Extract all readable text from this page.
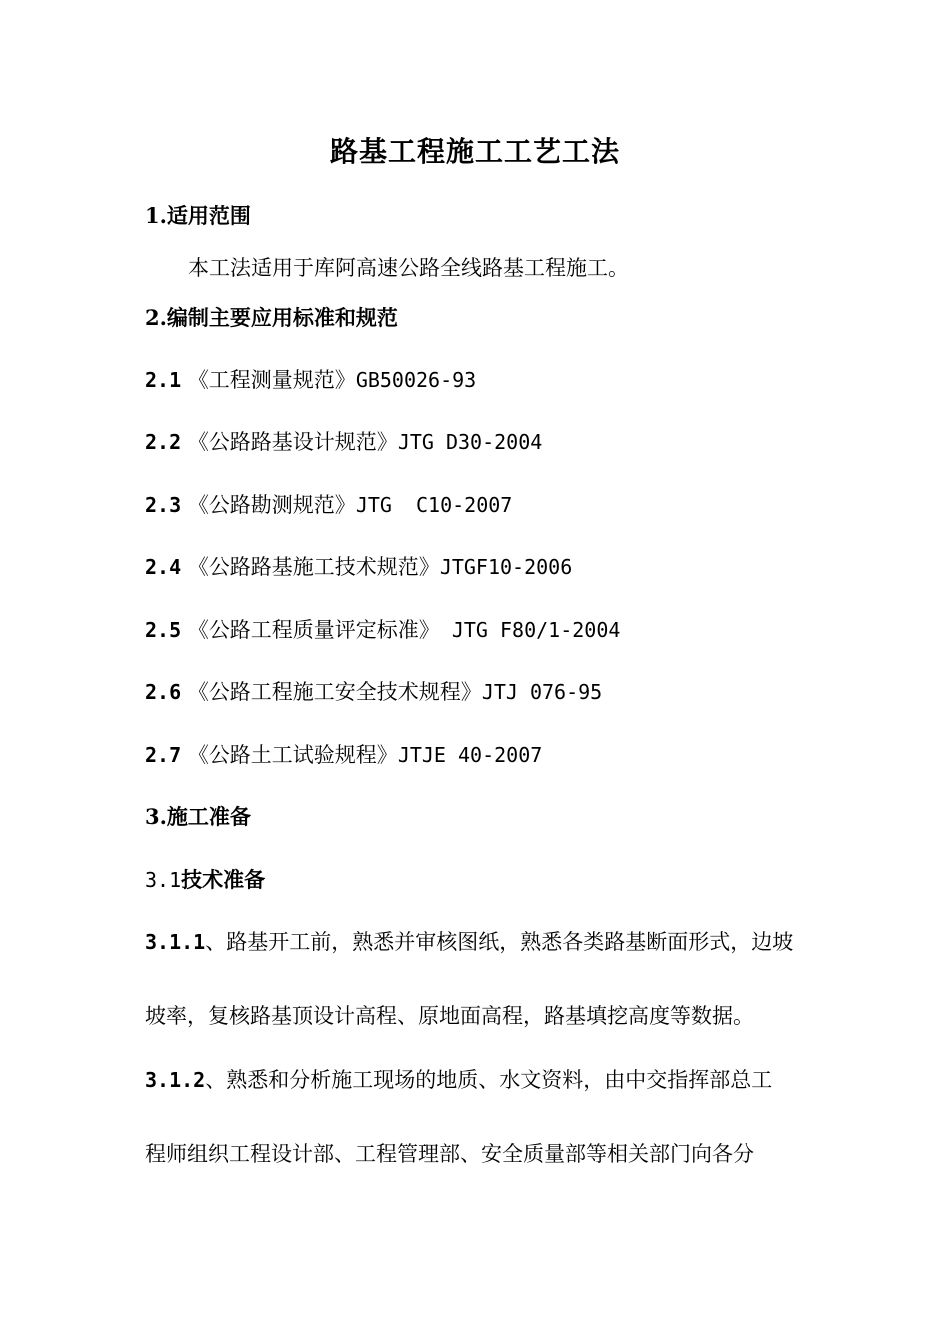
路基工程施工工艺工法
1.适用范围
本工法适用于库阿高速公路全线路基工程施工。
2.编制主要应用标准和规范
2.1 《工程测量规范》GB50026-93
2.2 《公路路基设计规范》JTG D30-2004
2.3 《公路勘测规范》JTG  C10-2007
2.4 《公路路基施工技术规范》JTGF10-2006
2.5 《公路工程质量评定标准》 JTG F80/1-2004
2.6 《公路工程施工安全技术规程》JTJ 076-95
2.7 《公路土工试验规程》JTJE 40-2007
3.施工准备
3.1技术准备
3.1.1、路基开工前，熟悉并审核图纸，熟悉各类路基断面形式，边坡
坡率，复核路基顶设计高程、原地面高程，路基填挖高度等数据。
3.1.2、熟悉和分析施工现场的地质、水文资料，由中交指挥部总工
程师组织工程设计部、工程管理部、安全质量部等相关部门向各分
